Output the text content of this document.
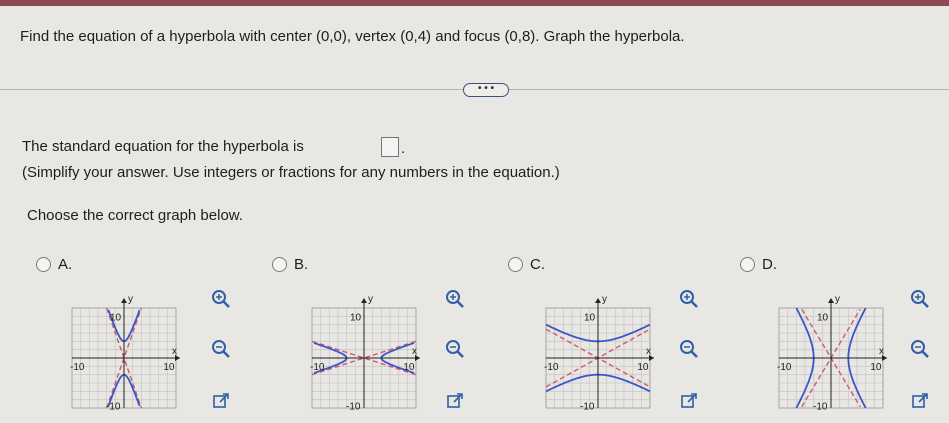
Find the equation of a hyperbola with center (0,0), vertex (0,4) and focus (0,8). Graph the hyperbola.
• • •
The standard equation for the hyperbola is	.
(Simplify your answer. Use integers or fractions for any numbers in the equation.)
Choose the correct graph below.
A.
y
x
10
-10
-10	10
B.
y
x
10
-10
-10	10
C.
y
x
10
-10
-10	10
D.
y
x
10
-10
-10	10
